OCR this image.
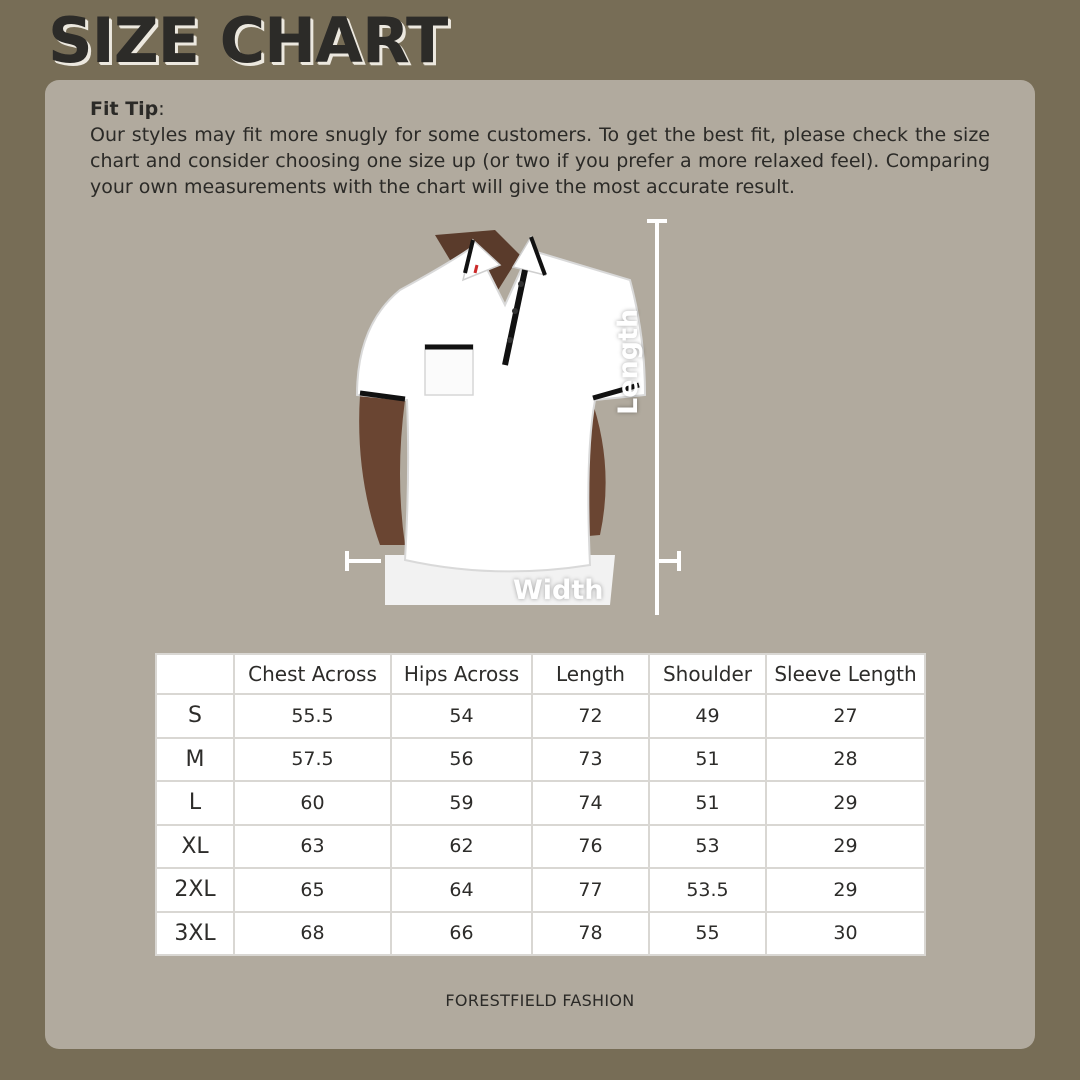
SIZE CHART
Fit Tip:
Our styles may fit more snugly for some customers. To get the best fit, please check the size chart and consider choosing one size up (or two if you prefer a more relaxed feel). Comparing your own measurements with the chart will give the most accurate result.
Length
Width
	Chest Across	Hips Across	Length	Shoulder	Sleeve Length
S	55.5	54	72	49	27
M	57.5	56	73	51	28
L	60	59	74	51	29
XL	63	62	76	53	29
2XL	65	64	77	53.5	29
3XL	68	66	78	55	30
FORESTFIELD FASHION
